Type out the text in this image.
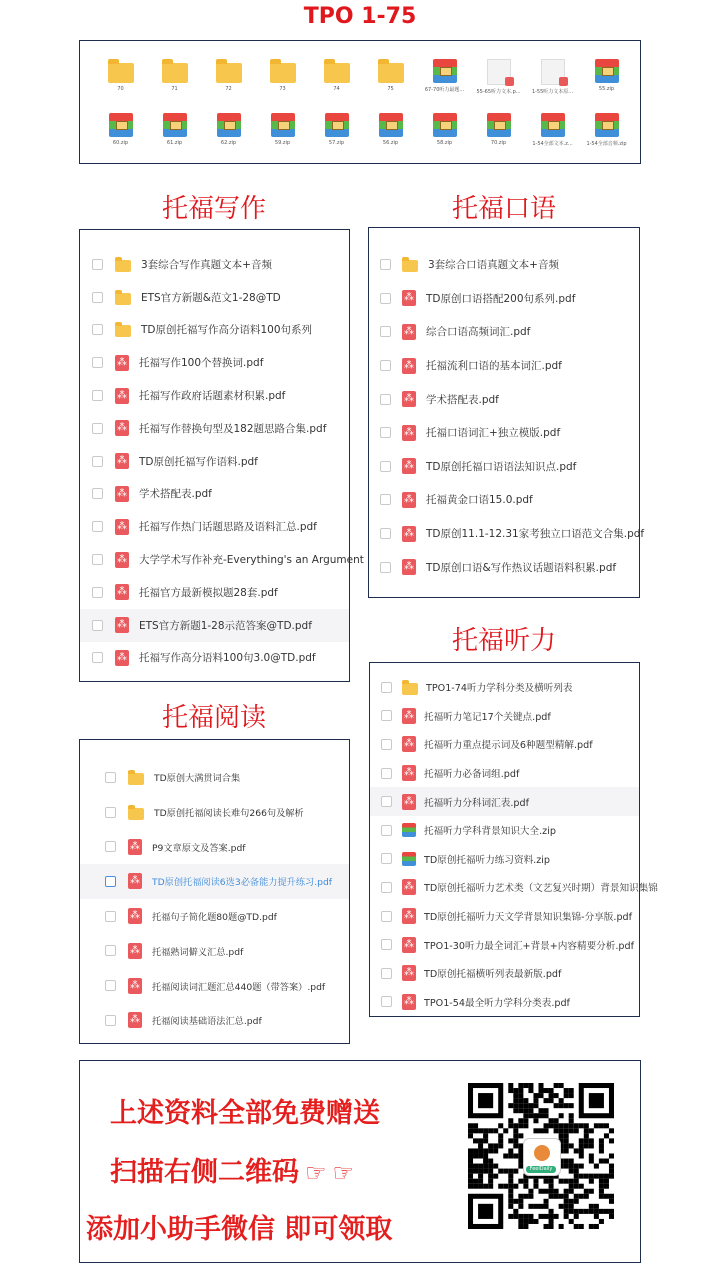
TPO 1-75
70	71	72	73	74	75	67-70听力最题...	55-65听力文本.p...	1-55听力文本原...	55.zip
60.zip	61.zip	62.zip	59.zip	57.zip	56.zip	58.zip	70.zip	1-54全部文本.z...	1-54全部音频.zip
托福写作
3套综合写作真题文本+音频
ETS官方新题&范文1-28@TD
TD原创托福写作高分语料100句系列
⁂
托福写作100个替换词.pdf
⁂
托福写作政府话题素材积累.pdf
⁂
托福写作替换句型及182题思路合集.pdf
⁂
TD原创托福写作语料.pdf
⁂
学术搭配表.pdf
⁂
托福写作热门话题思路及语料汇总.pdf
⁂
大学学术写作补充-Everything's an Argument
⁂
托福官方最新模拟题28套.pdf
⁂
ETS官方新题1-28示范答案@TD.pdf
⁂
托福写作高分语料100句3.0@TD.pdf
托福口语
3套综合口语真题文本+音频
⁂
TD原创口语搭配200句系列.pdf
⁂
综合口语高频词汇.pdf
⁂
托福流利口语的基本词汇.pdf
⁂
学术搭配表.pdf
⁂
托福口语词汇+独立模版.pdf
⁂
TD原创托福口语语法知识点.pdf
⁂
托福黄金口语15.0.pdf
⁂
TD原创11.1-12.31家考独立口语范文合集.pdf
⁂
TD原创口语&写作热议话题语料积累.pdf
托福听力
TPO1-74听力学科分类及横听列表
⁂
托福听力笔记17个关键点.pdf
⁂
托福听力重点提示词及6种题型精解.pdf
⁂
托福听力必备词组.pdf
⁂
托福听力分科词汇表.pdf
托福听力学科背景知识大全.zip
TD原创托福听力练习资料.zip
⁂
TD原创托福听力艺术类（文艺复兴时期）背景知识集锦
⁂
TD原创托福听力天文学背景知识集锦-分享版.pdf
⁂
TPO1-30听力最全词汇+背景+内容精要分析.pdf
⁂
TD原创托福横听列表最新版.pdf
⁂
TPO1-54最全听力学科分类表.pdf
托福阅读
TD原创大满贯词合集
TD原创托福阅读长难句266句及解析
⁂
P9文章原文及答案.pdf
⁂
TD原创托福阅读6选3必备能力提升练习.pdf
⁂
托福句子简化题80题@TD.pdf
⁂
托福熟词僻义汇总.pdf
⁂
托福阅读词汇题汇总440题（带答案）.pdf
⁂
托福阅读基础语法汇总.pdf
上述资料全部免费赠送
扫描右侧二维码 ☞ ☞
添加小助手微信 即可领取
FeelDaily
